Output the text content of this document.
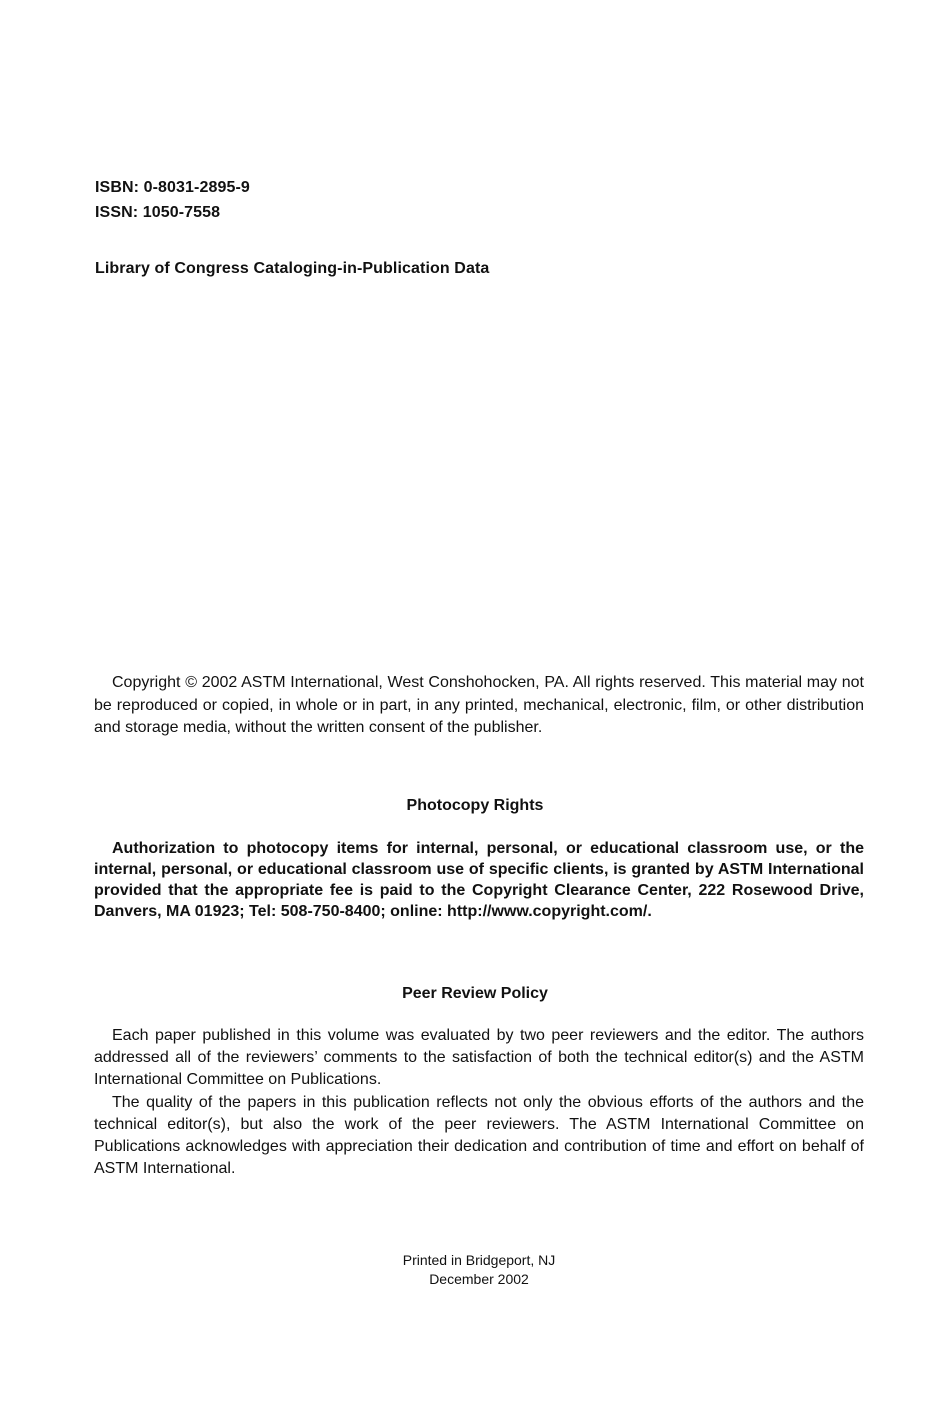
ISBN: 0-8031-2895-9
ISSN: 1050-7558
Library of Congress Cataloging-in-Publication Data

Copyright © 2002 ASTM International, West Conshohocken, PA. All rights reserved. This material may not be reproduced or copied, in whole or in part, in any printed, mechanical, electronic, film, or other distribution and storage media, without the written consent of the publisher.

Photocopy Rights

Authorization to photocopy items for internal, personal, or educational classroom use, or the internal, personal, or educational classroom use of specific clients, is granted by ASTM International provided that the appropriate fee is paid to the Copyright Clearance Center, 222 Rosewood Drive, Danvers, MA 01923; Tel: 508-750-8400; online: http://www.copyright.com/.

Peer Review Policy

Each paper published in this volume was evaluated by two peer reviewers and the editor. The authors addressed all of the reviewers’ comments to the satisfaction of both the technical editor(s) and the ASTM International Committee on Publications.

The quality of the papers in this publication reflects not only the obvious efforts of the authors and the technical editor(s), but also the work of the peer reviewers. The ASTM International Committee on Publications acknowledges with appreciation their dedication and contribution of time and effort on behalf of ASTM International.

Printed in Bridgeport, NJ
December 2002
